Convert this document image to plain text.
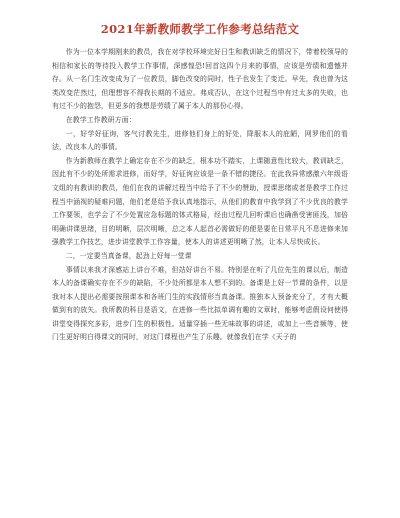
2021年新教师教学工作参考总结范文

作为一位本学期刚来的教员，我在对学校环境完好日生和教训缺乏的情况下，带着校领导的相信和家长的等待投入教学工作事情，深感惶恐!回首这四个月来的事情，应该是劳绩和遗憾并存。从一名门生改变成为了一位教员，脚色改变的同时，性子也发生了变迁。早先，我也曾为这类改变茫然过，但理想容不得我长期的不适应。弗成否认，在这个过程当中有过太多的失败，也有过不少的抱怨，但更多的我想是劳绩了属于本人的那份心得。

在教学工作教研方面：

一，好学好征询，客气讨教先生，进修他们身上的好处，降服本人的庇陋，网罗他们的看法，改良本人的事情。

作为新教师在教学上确定存在不少的缺乏，根本功不踏实，上课随意性比较大，教训缺乏，因此有不少的处所需求进修，而好学，好征询应该是一条不错的捷径。在此我异常感激六年级语文组的有教训的教员，他们在我的讲解过程当中给予了不少的赞助，授课思绪或者是教学工作过程当中涵视的疑难问题，他们老是给予我认真地指示，从他们的教育中我学到了不少优良的教学工作要领，也学会了不少处置应急标题的体式格局，经由过程几回听课后也确凿受害匪浅，加倍明确讲课思绪，目的明晰，层次明晰，总之本人起首必需做好的便是要在日常平凡不息进修来加强教学工作技艺，进步讲堂教学工作容量，使本人的讲述更明晰了然，让本人尽快成长。

二，一定要当真备课，起劲上好每一堂课

事情以来我才深感站上讲台不难，但站好讲台不易。特别是在听了几位先生的课以后，制造本人的备课确实存在不少的缺陷，不少处所都是本人想不到的。备课是上好一节课的条件，以是我对本人提出必需要按照课本和各班门生的实践情形当真备课。推独本人预备充分了，才有大概做到有的放矢。我所教的科目是语文，在进修一些比拟单调有趣的文章时，能够考虑假设何使得讲堂变得探究多彩，进步门生的积极性。适量穿插一些无味故事的讲述，或加上一些音频等，使门生更好明白得课文的同时，对这门课程也产生了乐趣。就像我们在学《天子的
